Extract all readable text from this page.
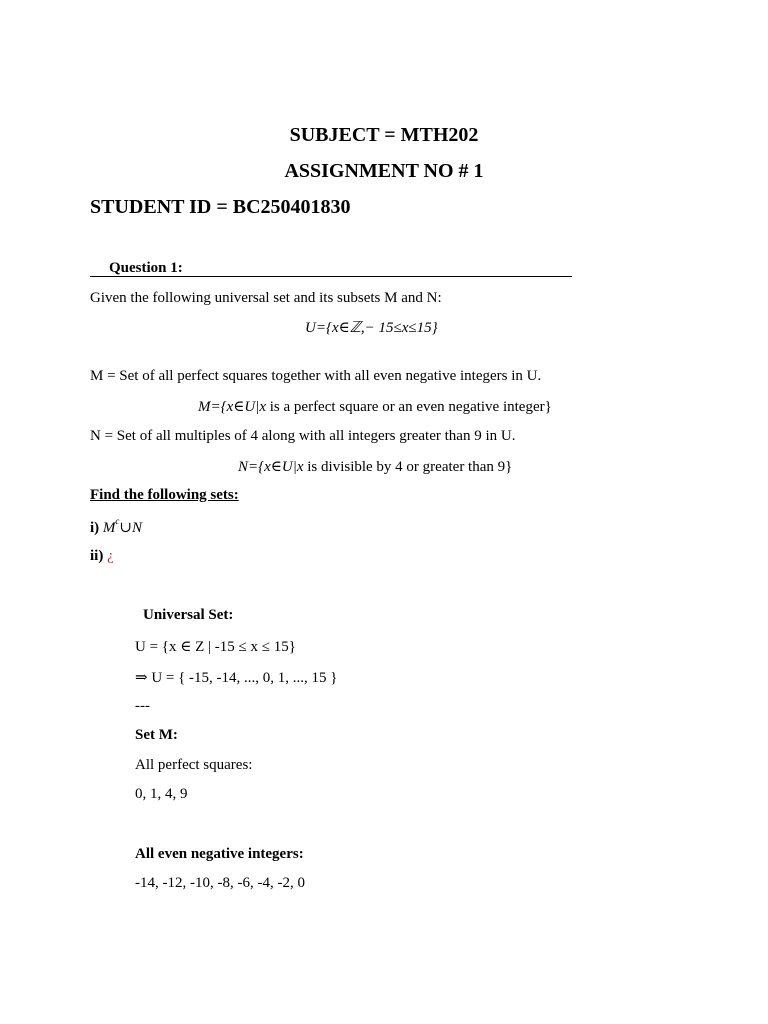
SUBJECT = MTH202
ASSIGNMENT NO # 1
STUDENT ID = BC250401830
Question 1:
Given the following universal set and its subsets M and N:
U={x∈ℤ,− 15≤x≤15}
M = Set of all perfect squares together with all even negative integers in U.
M={x∈U|x is a perfect square or an even negative integer}
N = Set of all multiples of 4 along with all integers greater than 9 in U.
N={x∈U|x is divisible by 4 or greater than 9}
Find the following sets:
i) $M^c\cup N$
ii) ¿
Universal Set:
U = {x ∈ Z | -15 ≤ x ≤ 15}
⇒ U = { -15, -14, ..., 0, 1, ..., 15 }
---
Set M:
All perfect squares:
0, 1, 4, 9
All even negative integers:
-14, -12, -10, -8, -6, -4, -2, 0
